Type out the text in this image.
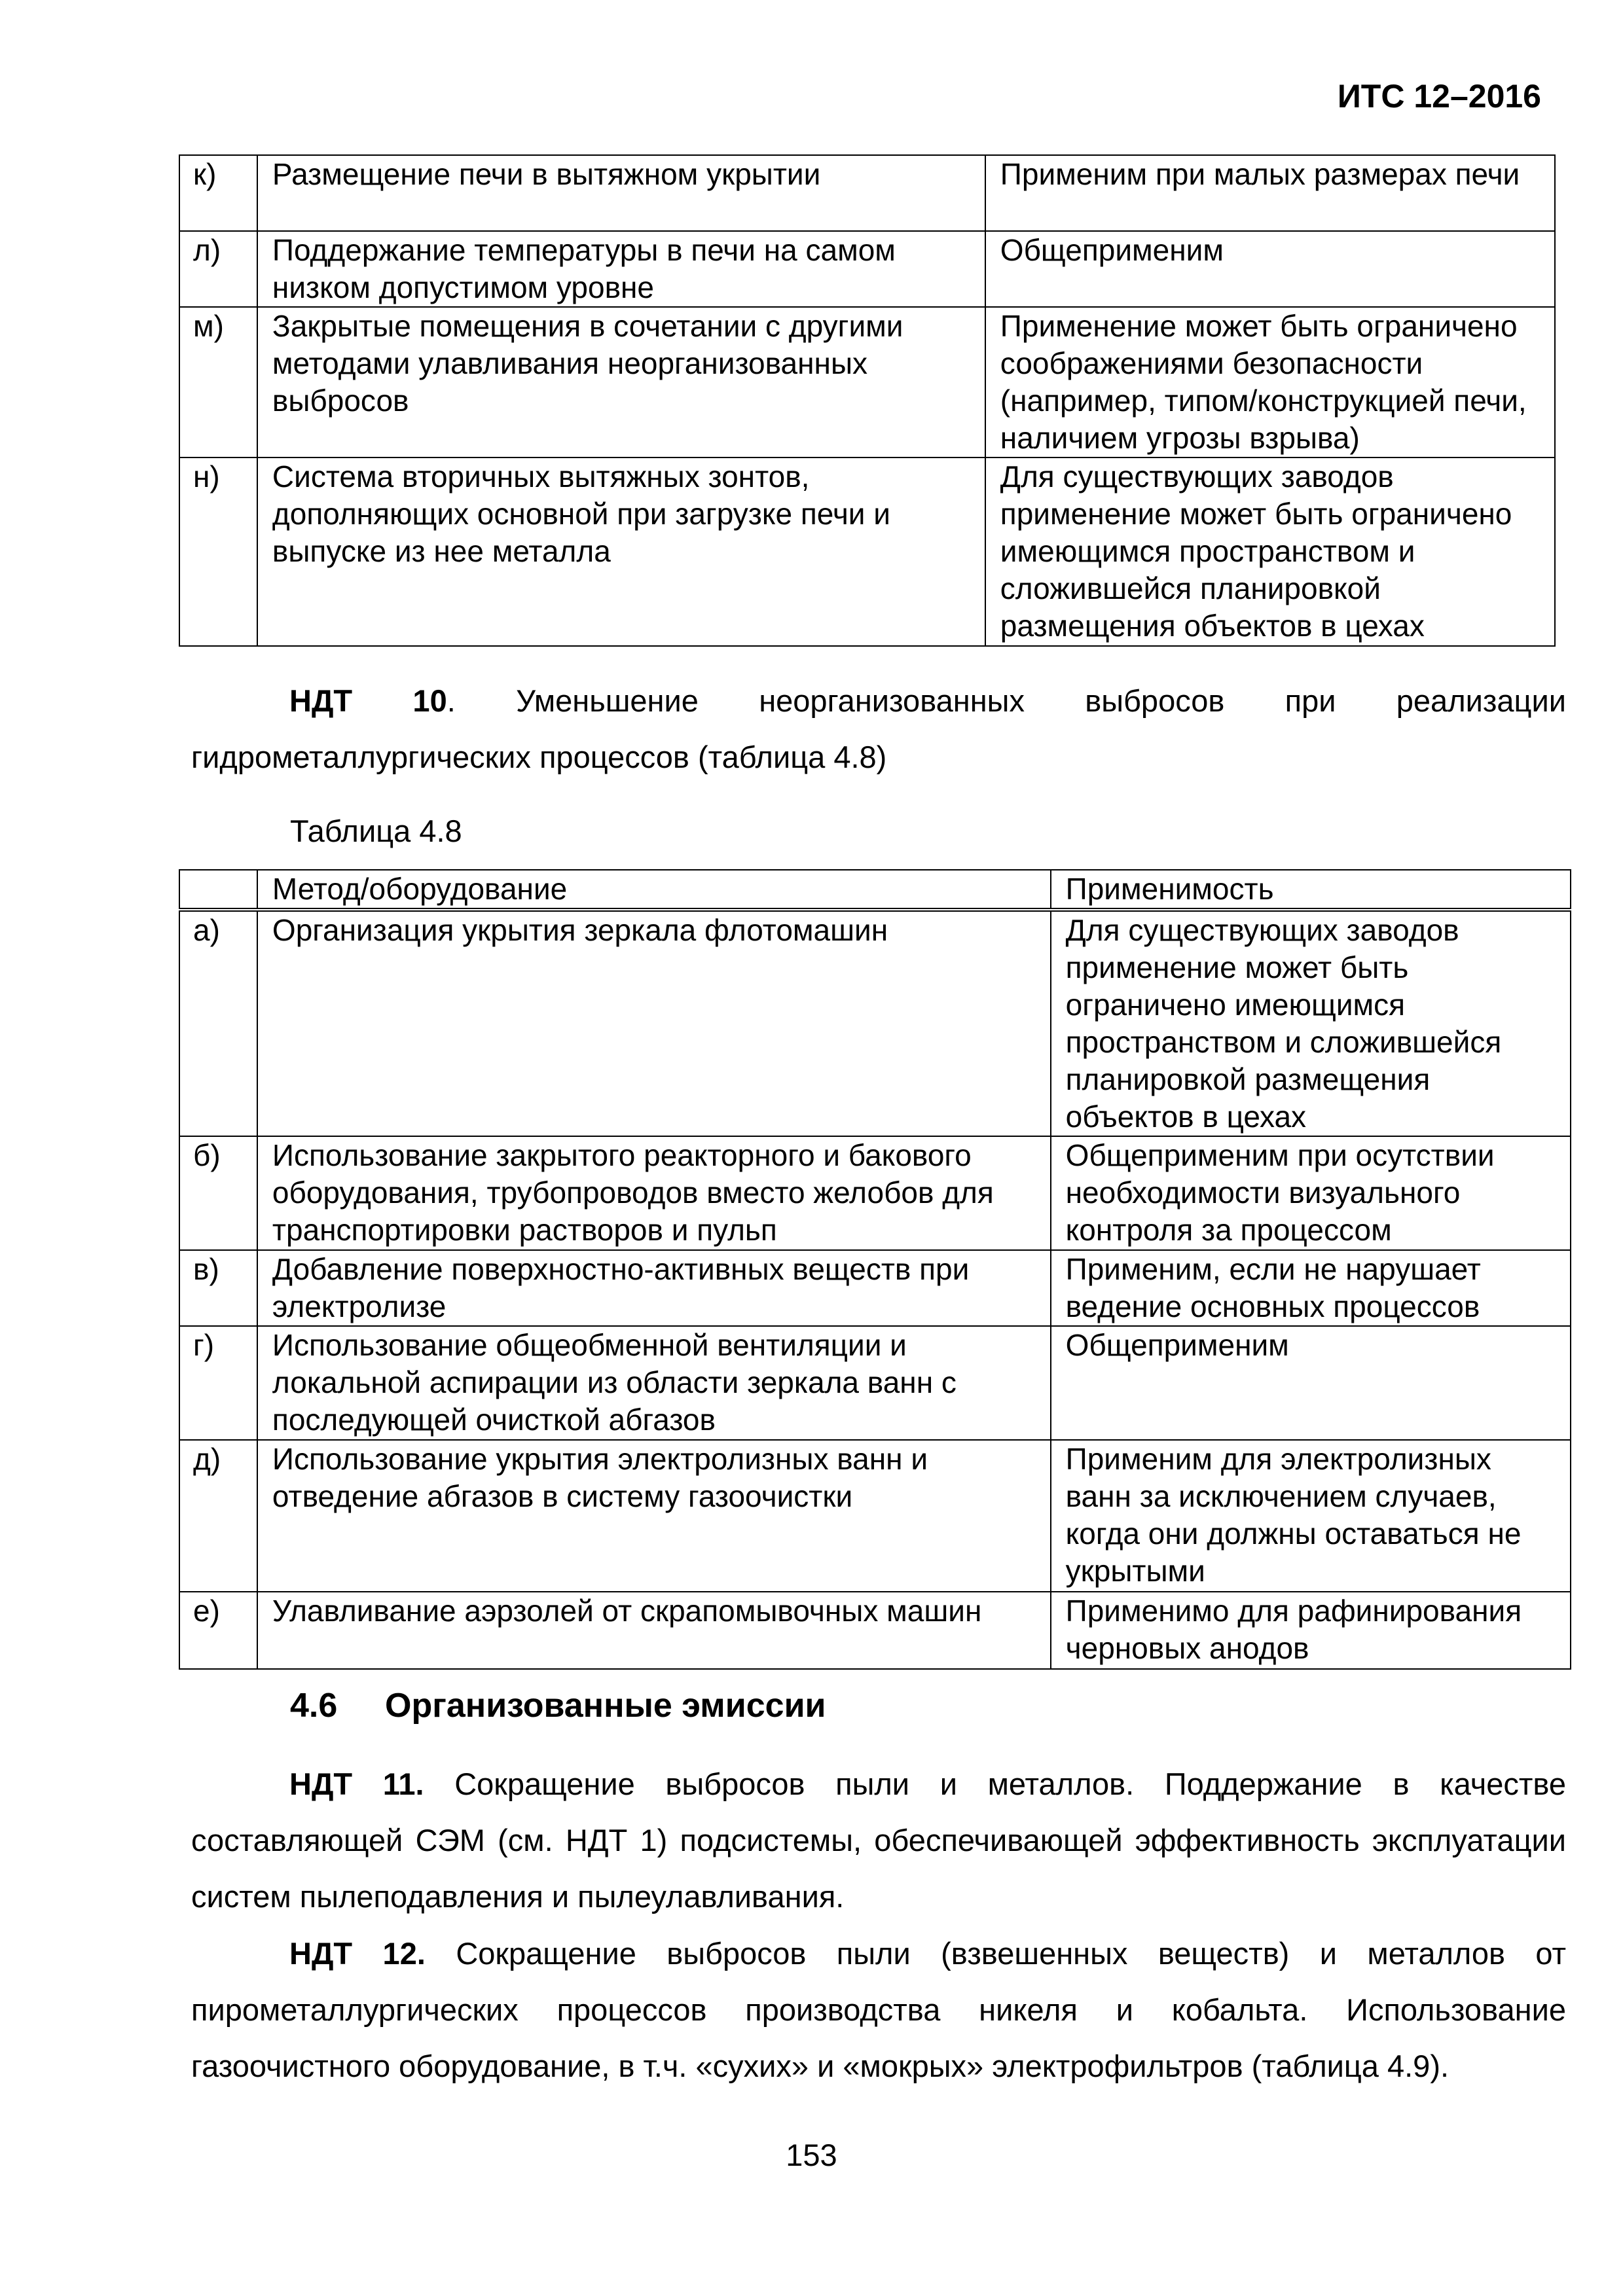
ИТС 12–2016
к)	Размещение печи в вытяжном укрытии	Применим при малых размерах печи
л)	Поддержание температуры в печи на самом низком допустимом уровне	Общеприменим
м)	Закрытые помещения в сочетании с другими методами улавливания неорганизованных выбросов	Применение может быть ограничено соображениями безопасности (например, типом/конструкцией печи, наличием угрозы взрыва)
н)	Система вторичных вытяжных зонтов, дополняющих основной при загрузке печи и выпуске из нее металла	Для существующих заводов применение может быть ограничено имеющимся пространством и сложившейся планировкой размещения объектов в цехах

НДТ 10. Уменьшение неорганизованных выбросов при реализации гидрометаллургических процессов (таблица 4.8)

Таблица 4.8
	Метод/оборудование	Применимость
а)	Организация укрытия зеркала флотомашин	Для существующих заводов применение может быть ограничено имеющимся пространством и сложившейся планировкой размещения объектов в цехах
б)	Использование закрытого реакторного и бакового оборудования, трубопроводов вместо желобов для транспортировки растворов и пульп	Общеприменим при осутствии необходимости визуального контроля за процессом
в)	Добавление поверхностно-активных веществ при электролизе	Применим, если не нарушает ведение основных процессов
г)	Использование общеобменной вентиляции и локальной аспирации из области зеркала ванн с последующей очисткой абгазов	Общеприменим
д)	Использование укрытия электролизных ванн и отведение абгазов в систему газоочистки	Применим для электролизных ванн за исключением случаев, когда они должны оставаться не укрытыми
е)	Улавливание аэрзолей от скрапомывочных машин	Применимо для рафинирования черновых анодов
4.6 Организованные эмиссии

НДТ 11. Сокращение выбросов пыли и металлов. Поддержание в качестве составляющей СЭМ (см. НДТ 1) подсистемы, обеспечивающей эффективность эксплуатации систем пылеподавления и пылеулавливания.

НДТ 12. Сокращение выбросов пыли (взвешенных веществ) и металлов от пирометаллургических процессов производства никеля и кобальта. Использование газоочистного оборудование, в т.ч. «сухих» и «мокрых» электрофильтров (таблица 4.9).

153
